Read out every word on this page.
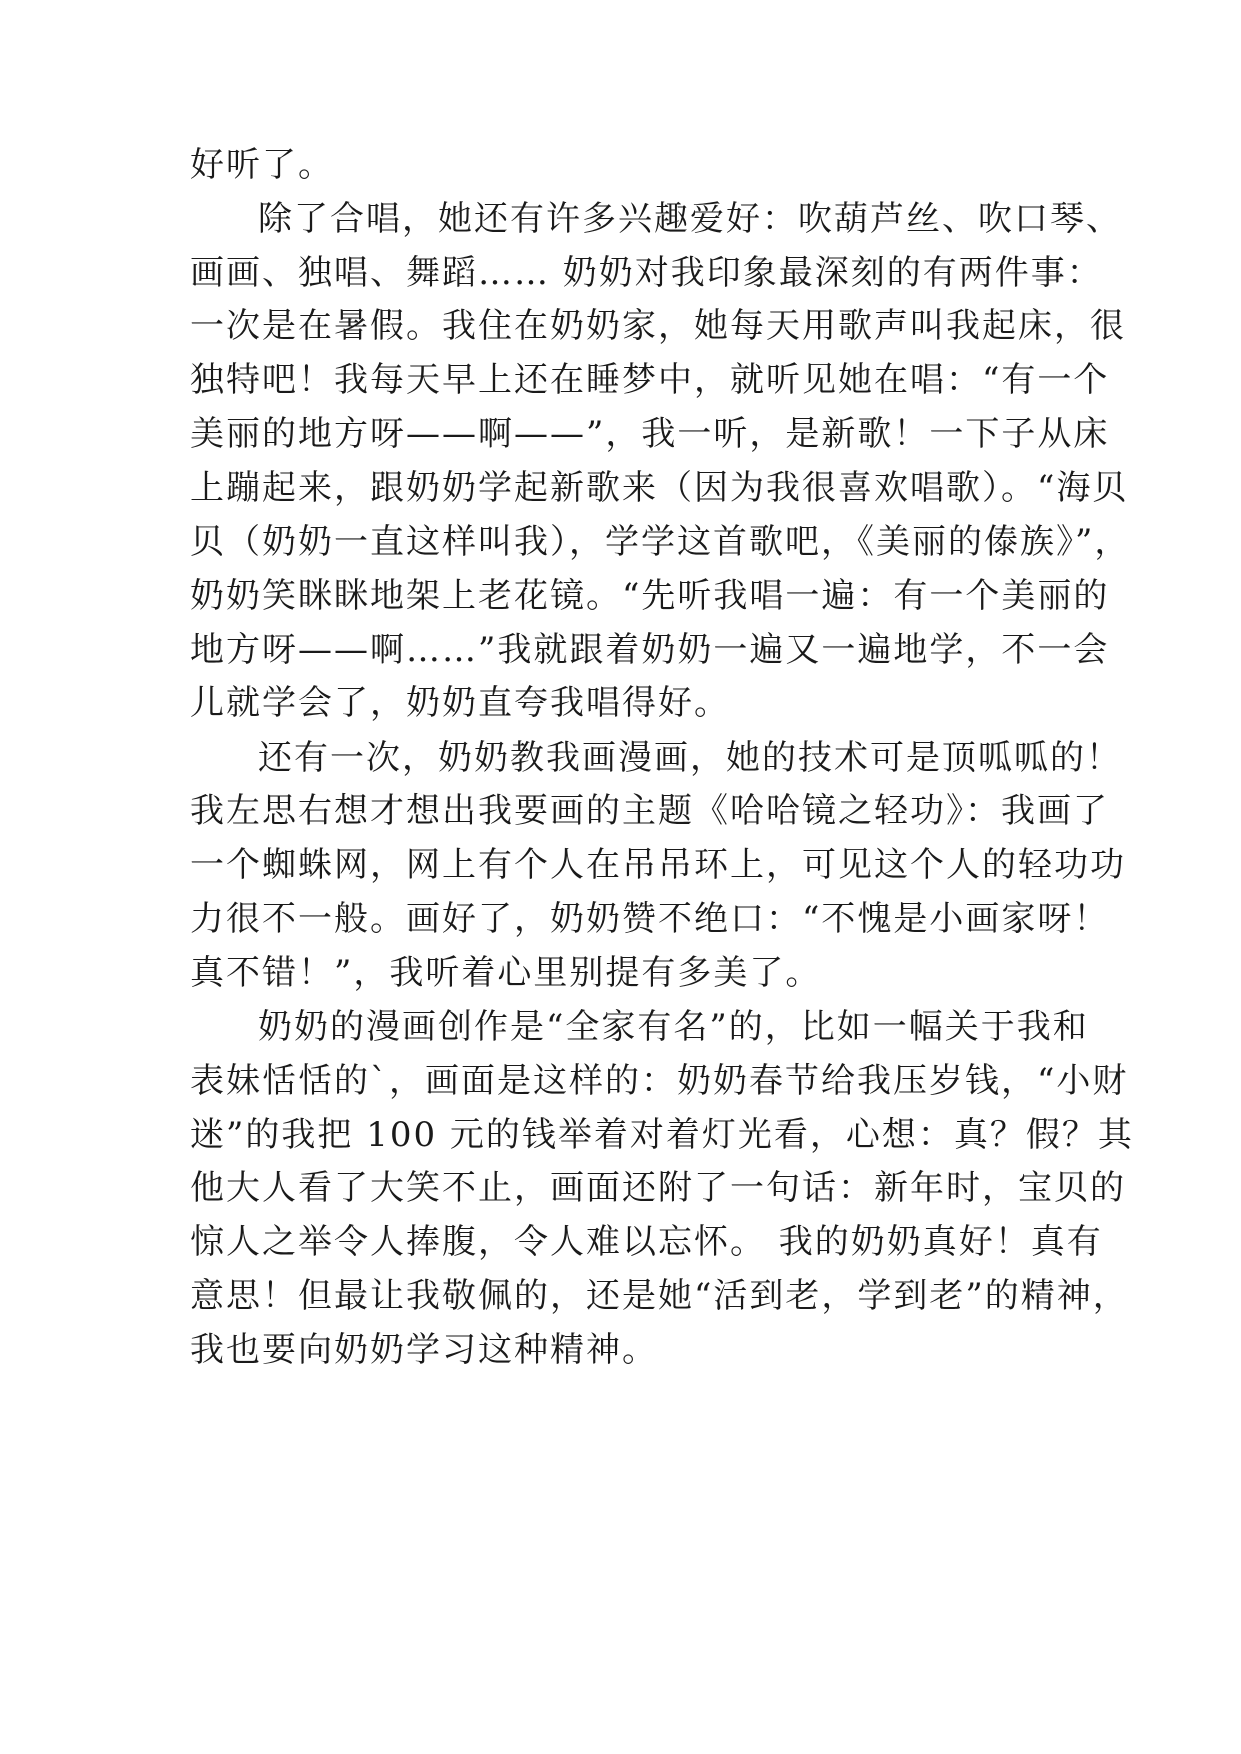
好听了。
除了合唱，她还有许多兴趣爱好：吹葫芦丝、吹口琴、
画画、独唱、舞蹈…… 奶奶对我印象最深刻的有两件事：
一次是在暑假。我住在奶奶家，她每天用歌声叫我起床，很
独特吧！我每天早上还在睡梦中，就听见她在唱：“有一个
美丽的地方呀——啊——”，我一听，是新歌！一下子从床
上蹦起来，跟奶奶学起新歌来（因为我很喜欢唱歌）。“海贝
贝（奶奶一直这样叫我），学学这首歌吧，《美丽的傣族》”，
奶奶笑眯眯地架上老花镜。“先听我唱一遍：有一个美丽的
地方呀——啊……”我就跟着奶奶一遍又一遍地学，不一会
儿就学会了，奶奶直夸我唱得好。
还有一次，奶奶教我画漫画，她的技术可是顶呱呱的！
我左思右想才想出我要画的主题《哈哈镜之轻功》：我画了
一个蜘蛛网，网上有个人在吊吊环上，可见这个人的轻功功
力很不一般。画好了，奶奶赞不绝口：“不愧是小画家呀！
真不错！”，我听着心里别提有多美了。
奶奶的漫画创作是“全家有名”的，比如一幅关于我和
表妹恬恬的`，画面是这样的：奶奶春节给我压岁钱，“小财
迷”的我把 100 元的钱举着对着灯光看，心想：真？假？其
他大人看了大笑不止，画面还附了一句话：新年时，宝贝的
惊人之举令人捧腹，令人难以忘怀。 我的奶奶真好！真有
意思！但最让我敬佩的，还是她“活到老，学到老”的精神，
我也要向奶奶学习这种精神。
